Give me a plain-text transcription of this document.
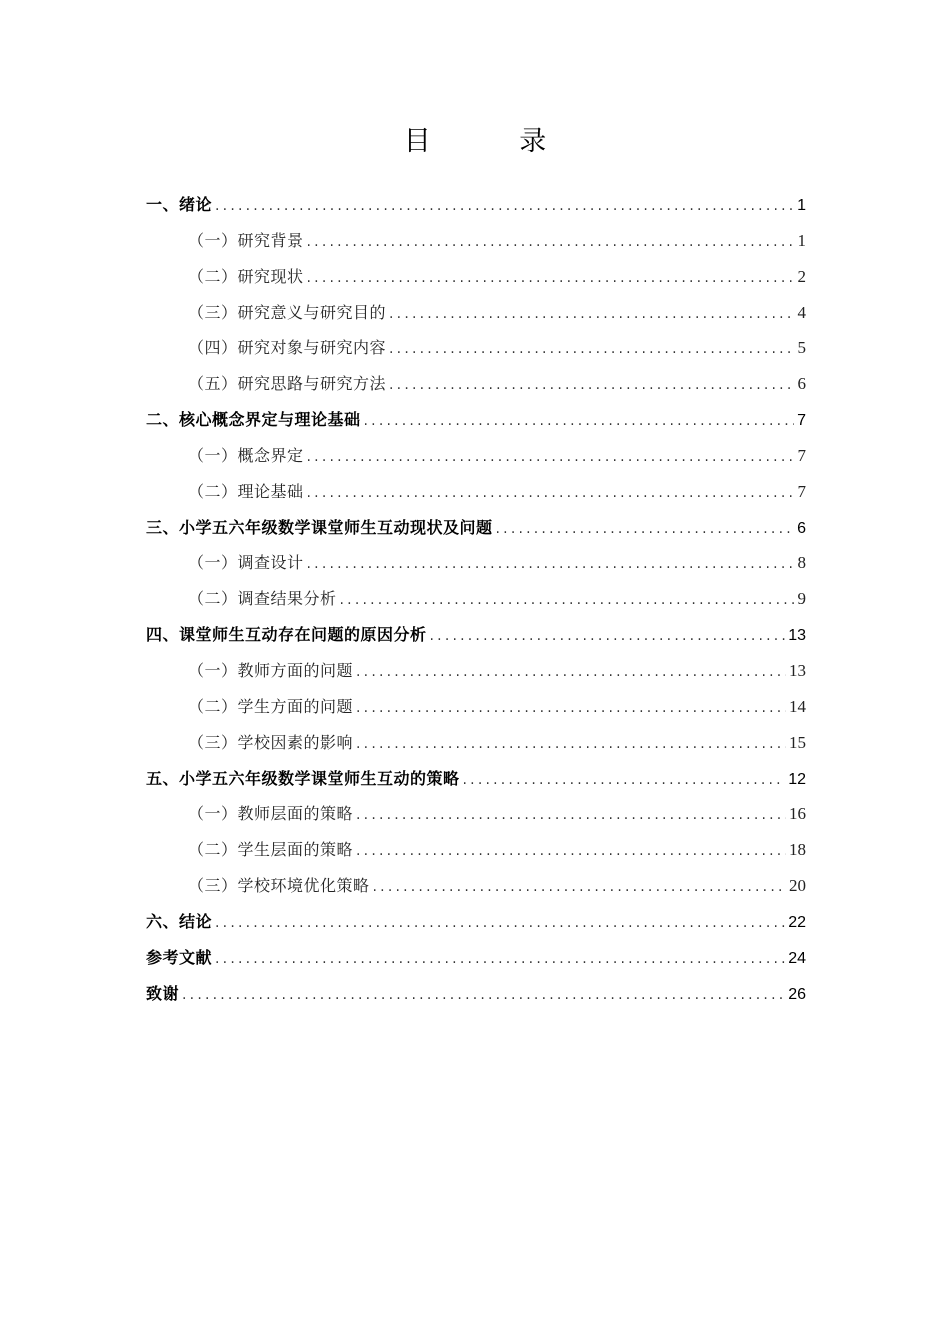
目 录
一、绪论 .....	1
（一）研究背景 .....	1
（二）研究现状 .....	2
（三）研究意义与研究目的 .....	4
（四）研究对象与研究内容 .....	5
（五）研究思路与研究方法 .....	6
二、核心概念界定与理论基础 .....	7
（一）概念界定 .....	7
（二）理论基础 .....	7
三、小学五六年级数学课堂师生互动现状及问题 .....	6
（一）调查设计 .....	8
（二）调查结果分析 .....	9
四、课堂师生互动存在问题的原因分析 .....	13
（一）教师方面的问题 .....	13
（二）学生方面的问题 .....	14
（三）学校因素的影响 .....	15
五、小学五六年级数学课堂师生互动的策略 .....	12
（一）教师层面的策略 .....	16
（二）学生层面的策略 .....	18
（三）学校环境优化策略 .....	20
六、结论 .....	22
参考文献 .....	24
致谢 .....	26
